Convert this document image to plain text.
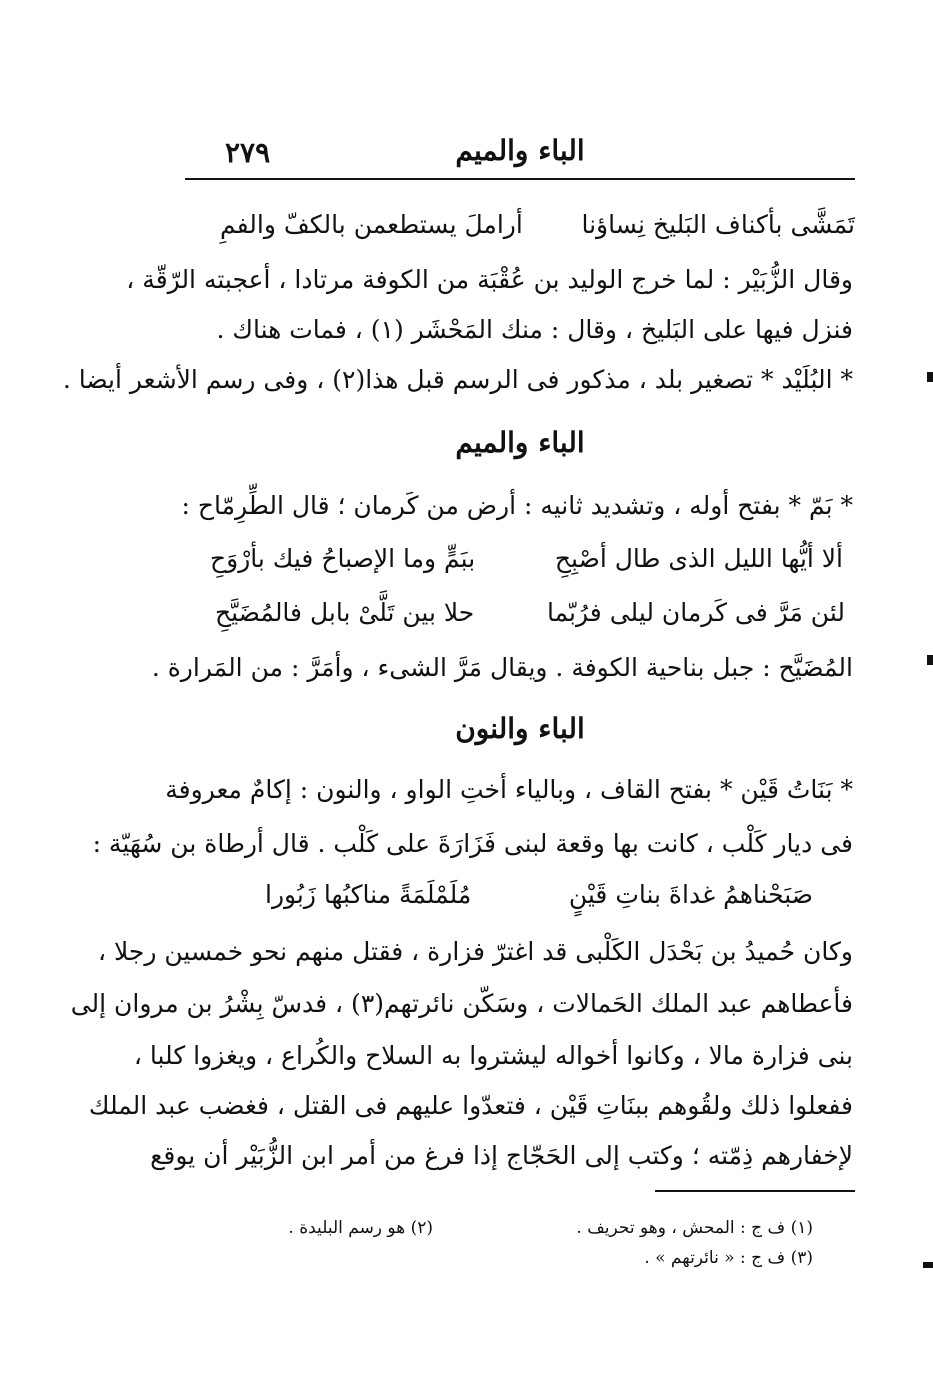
٢٧٩	الباء والميم
تَمَشَّى بأكناف البَليخ نِساؤنا
أراملَ يستطعمن بالكفّ والفمِ
وقال الزُّبَيْر : لما خرج الوليد بن عُقْبَة من الكوفة مرتادا ، أعجبته الرّقّة ،
فنزل فيها على البَليخ ، وقال : منك المَحْشَر (١) ، فمات هناك .
* البُلَيْد * تصغير بلد ، مذكور فى الرسم قبل هذا(٢) ، وفى رسم الأشعر أيضا .
الباء والميم
* بَمّ * بفتح أوله ، وتشديد ثانيه : أرض من كَرمان ؛ قال الطِّرِمّاح :
ألا أيُّها الليل الذى طال أصْبِحِ
ببَمٍّ وما الإصباحُ فيك بأرْوَحِ
لئن مَرَّ فى كَرمان ليلى فرُبّما
حلا بين تَلَّىْ بابل فالمُضَيَّحِ
المُضَيَّح : جبل بناحية الكوفة . ويقال مَرَّ الشىء ، وأمَرَّ : من المَرارة .
الباء والنون
* بَنَاتُ قَيْن * بفتح القاف ، وبالياء أختِ الواو ، والنون : إكامٌ معروفة
فى ديار كَلْب ، كانت بها وقعة لبنى فَزَارَةَ على كَلْب . قال أرطاة بن سُهَيّة :
صَبَحْناهمُ غداةَ بناتِ قَيْنٍ
مُلَمْلَمَةً مناكبُها زَبُورا
وكان حُميدُ بن بَحْدَل الكَلْبى قد اغترّ فزارة ، فقتل منهم نحو خمسين رجلا ،
فأعطاهم عبد الملك الحَمالات ، وسَكّن نائرتهم(٣) ، فدسّ بِشْرُ بن مروان إلى
بنى فزارة مالا ، وكانوا أخواله ليشتروا به السلاح والكُراع ، ويغزوا كلبا ،
ففعلوا ذلك ولقُوهم ببنَاتِ قَيْن ، فتعدّوا عليهم فى القتل ، فغضب عبد الملك
لإخفارهم ذِمّته ؛ وكتب إلى الحَجّاج إذا فرغ من أمر ابن الزُّبَيْر أن يوقع
(١) ف ج : المحش ، وهو تحريف .
(٢) هو رسم البليدة .
(٣) ف ج : « نائرتهم » .
